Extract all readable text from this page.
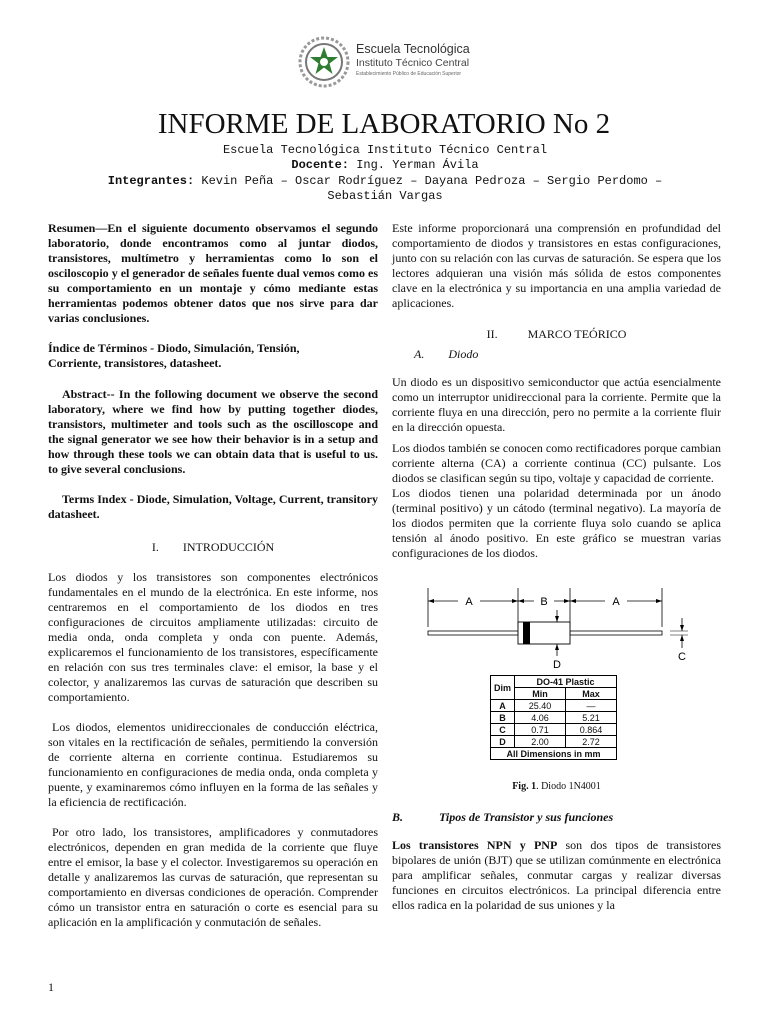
Escuela Tecnológica
Instituto Técnico Central
Establecimiento Público de Educación Superior
INFORME DE LABORATORIO No 2
Escuela Tecnológica Instituto Técnico Central
Docente: Ing. Yerman Ávila
Integrantes: Kevin Peña – Oscar Rodríguez – Dayana Pedroza – Sergio Perdomo –
Sebastián Vargas

Resumen—En el siguiente documento observamos el segundo laboratorio, donde encontramos como al juntar diodos, transistores, multímetro y herramientas como lo son el osciloscopio y el generador de señales fuente dual vemos como es su comportamiento en un montaje y cómo mediante estas herramientas podemos obtener datos que nos sirve para dar varias conclusiones.

Índice de Términos - Diodo, Simulación, Tensión, Corriente, transistores, datasheet.

Abstract-- In the following document we observe the second laboratory, where we find how by putting together diodes, transistors, multimeter and tools such as the oscilloscope and the signal generator we see how their behavior is in a setup and how through these tools we can obtain data that is useful to us. to give several conclusions.

Terms Index - Diode, Simulation, Voltage, Current, transitory datasheet.

I. INTRODUCCIÓN

Los diodos y los transistores son componentes electrónicos fundamentales en el mundo de la electrónica. En este informe, nos centraremos en el comportamiento de los diodos en tres configuraciones de circuitos ampliamente utilizadas: circuito de media onda, onda completa y onda con puente. Además, explicaremos el funcionamiento de los transistores, específicamente en relación con sus tres terminales clave: el emisor, la base y el colector, y analizaremos las curvas de saturación que describen su comportamiento.

Los diodos, elementos unidireccionales de conducción eléctrica, son vitales en la rectificación de señales, permitiendo la conversión de corriente alterna en corriente continua. Estudiaremos su funcionamiento en configuraciones de media onda, onda completa y puente, y examinaremos cómo influyen en la forma de las señales y la eficiencia de rectificación.

Por otro lado, los transistores, amplificadores y conmutadores electrónicos, dependen en gran medida de la corriente que fluye entre el emisor, la base y el colector. Investigaremos su operación en detalle y analizaremos las curvas de saturación, que representan su comportamiento en diversas condiciones de operación. Comprender cómo un transistor entra en saturación o corte es esencial para su aplicación en la amplificación y conmutación de señales.

Este informe proporcionará una comprensión en profundidad del comportamiento de diodos y transistores en estas configuraciones, junto con su relación con las curvas de saturación. Se espera que los lectores adquieran una visión más sólida de estos componentes clave en la electrónica y su importancia en una amplia variedad de aplicaciones.

II.	MARCO TEÓRICO

A. Diodo

Un diodo es un dispositivo semiconductor que actúa esencialmente como un interruptor unidireccional para la corriente. Permite que la corriente fluya en una dirección, pero no permite a la corriente fluir en la dirección opuesta.

Los diodos también se conocen como rectificadores porque cambian corriente alterna (CA) a corriente continua (CC) pulsante. Los diodos se clasifican según su tipo, voltaje y capacidad de corriente.

Los diodos tienen una polaridad determinada por un ánodo (terminal positivo) y un cátodo (terminal negativo). La mayoría de los diodos permiten que la corriente fluya solo cuando se aplica tensión al ánodo positivo. En este gráfico se muestran varias configuraciones de los diodos.

A	B	A
D
C
Dim	DO-41 Plastic	
	Min	Max
A	25.40	—
B	4.06	5.21
C	0.71	0.864
D	2.00	2.72
All Dimensions in mm		
Fig. 1. Diodo 1N4001

B.	Tipos de Transistor y sus funciones

Los transistores NPN y PNP son dos tipos de transistores bipolares de unión (BJT) que se utilizan comúnmente en electrónica para amplificar señales, conmutar cargas y realizar diversas funciones en circuitos electrónicos. La principal diferencia entre ellos radica en la polaridad de sus uniones y la

1
